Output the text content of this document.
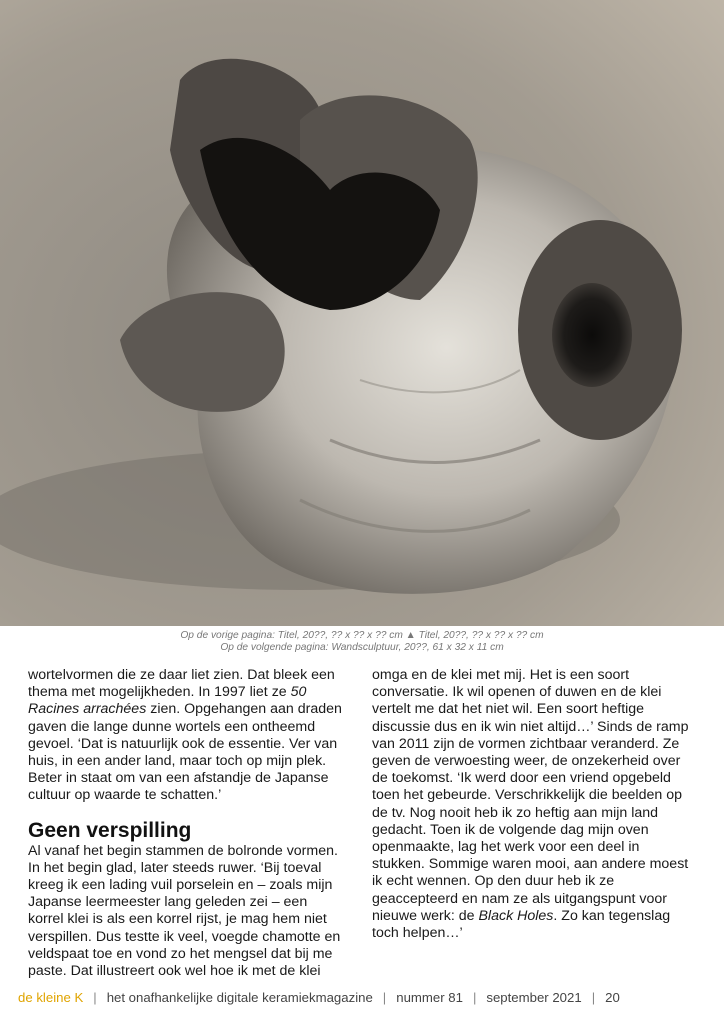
Op de vorige pagina: Titel, 20??, ?? x ?? x ?? cm ▲ Titel, 20??, ?? x ?? x ?? cm
Op de volgende pagina: Wandsculptuur, 20??, 61 x 32 x 11 cm

wortelvormen die ze daar liet zien. Dat bleek een thema met mogelijkheden. In 1997 liet ze 50 Racines arrachées zien. Opgehangen aan draden gaven die lange dunne wortels een ontheemd gevoel. ‘Dat is natuurlijk ook de essentie. Ver van huis, in een ander land, maar toch op mijn plek. Beter in staat om van een afstandje de Japanse cultuur op waarde te schatten.’

Geen verspilling

Al vanaf het begin stammen de bolronde vormen. In het begin glad, later steeds ruwer. ‘Bij toeval kreeg ik een lading vuil porselein en – zoals mijn Japanse leermeester lang geleden zei – een korrel klei is als een korrel rijst, je mag hem niet verspillen. Dus testte ik veel, voegde chamotte en veldspaat toe en vond zo het mengsel dat bij me paste. Dat illustreert ook wel hoe ik met de klei

omga en de klei met mij. Het is een soort conversatie. Ik wil openen of duwen en de klei vertelt me dat het niet wil. Een soort heftige discussie dus en ik win niet altijd…’ Sinds de ramp van 2011 zijn de vormen zichtbaar veranderd. Ze geven de verwoesting weer, de onzekerheid over de toekomst. ‘Ik werd door een vriend opgebeld toen het gebeurde. Verschrikkelijk die beelden op de tv. Nog nooit heb ik zo heftig aan mijn land gedacht. Toen ik de volgende dag mijn oven openmaakte, lag het werk voor een deel in stukken. Sommige waren mooi, aan andere moest ik echt wennen. Op den duur heb ik ze geaccepteerd en nam ze als uitgangspunt voor nieuwe werk: de Black Holes. Zo kan tegenslag toch helpen…’

de kleine K | het onafhankelijke digitale keramiekmagazine | nummer 81 | september 2021 | 20
